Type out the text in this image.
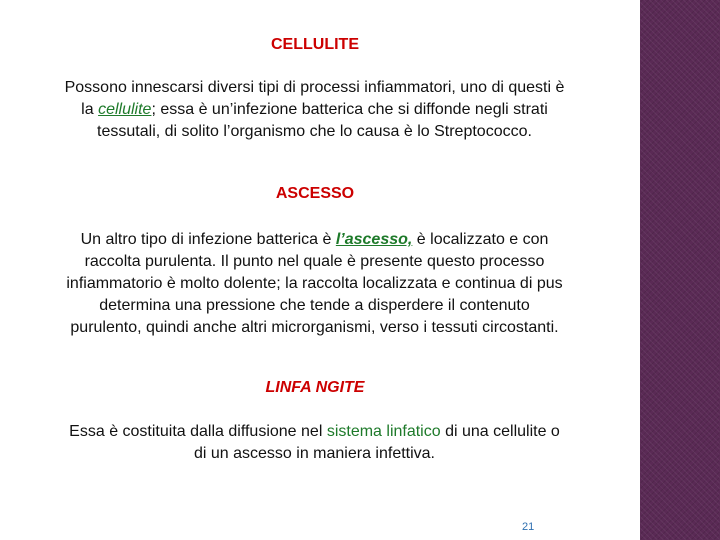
CELLULITE

Possono innescarsi diversi tipi di processi infiammatori, uno di questi è la cellulite; essa è un’infezione batterica che si diffonde negli strati tessutali, di solito l’organismo che lo causa è lo Streptococco.

ASCESSO

Un altro tipo di infezione batterica è l’ascesso, è localizzato e con raccolta purulenta. Il punto nel quale è presente questo processo infiammatorio è molto dolente; la raccolta localizzata e continua di pus determina una pressione che tende a disperdere il contenuto purulento, quindi anche altri microrganismi, verso i tessuti circostanti.

LINFA NGITE

Essa è costituita dalla diffusione nel sistema linfatico di una cellulite o di un ascesso in maniera infettiva.

21
